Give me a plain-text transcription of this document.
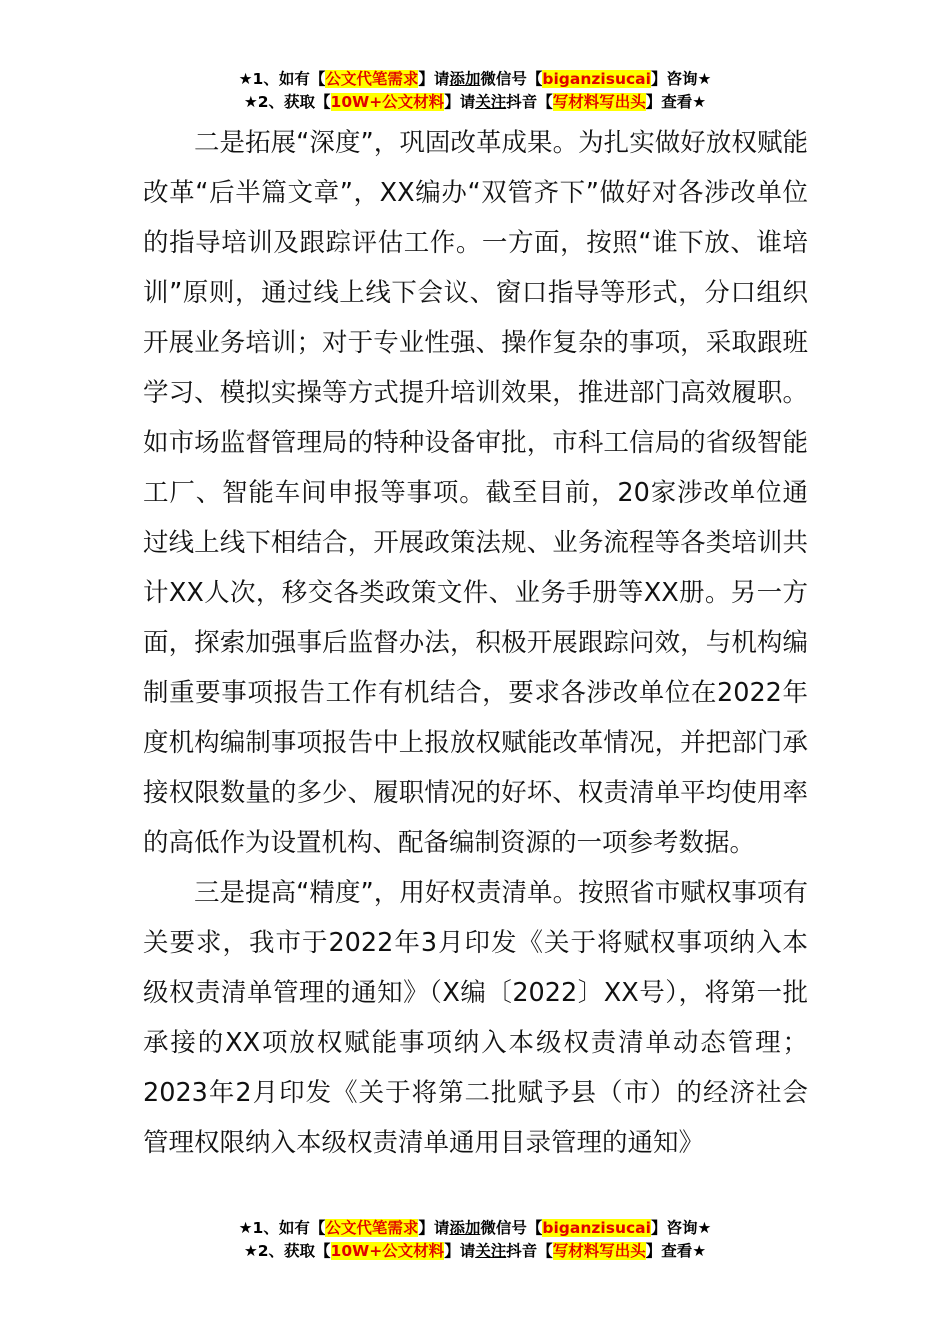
★1、如有【公文代笔需求】请添加微信号【biganzisucai】咨询★
★2、获取【10W+公文材料】请关注抖音【写材料写出头】查看★

二是拓展“深度”，巩固改革成果。为扎实做好放权赋能改革“后半篇文章”，XX编办“双管齐下”做好对各涉改单位的指导培训及跟踪评估工作。一方面，按照“谁下放、谁培训”原则，通过线上线下会议、窗口指导等形式，分口组织开展业务培训；对于专业性强、操作复杂的事项，采取跟班学习、模拟实操等方式提升培训效果，推进部门高效履职。如市场监督管理局的特种设备审批，市科工信局的省级智能工厂、智能车间申报等事项。截至目前，20家涉改单位通过线上线下相结合，开展政策法规、业务流程等各类培训共计XX人次，移交各类政策文件、业务手册等XX册。另一方面，探索加强事后监督办法，积极开展跟踪问效，与机构编制重要事项报告工作有机结合，要求各涉改单位在2022年度机构编制事项报告中上报放权赋能改革情况，并把部门承接权限数量的多少、履职情况的好坏、权责清单平均使用率的高低作为设置机构、配备编制资源的一项参考数据。

三是提高“精度”，用好权责清单。按照省市赋权事项有关要求，我市于2022年3月印发《关于将赋权事项纳入本级权责清单管理的通知》（X编〔2022〕XX号），将第一批承接的XX项放权赋能事项纳入本级权责清单动态管理；2023年2月印发《关于将第二批赋予县（市）的经济社会管理权限纳入本级权责清单通用目录管理的通知》

★1、如有【公文代笔需求】请添加微信号【biganzisucai】咨询★
★2、获取【10W+公文材料】请关注抖音【写材料写出头】查看★
